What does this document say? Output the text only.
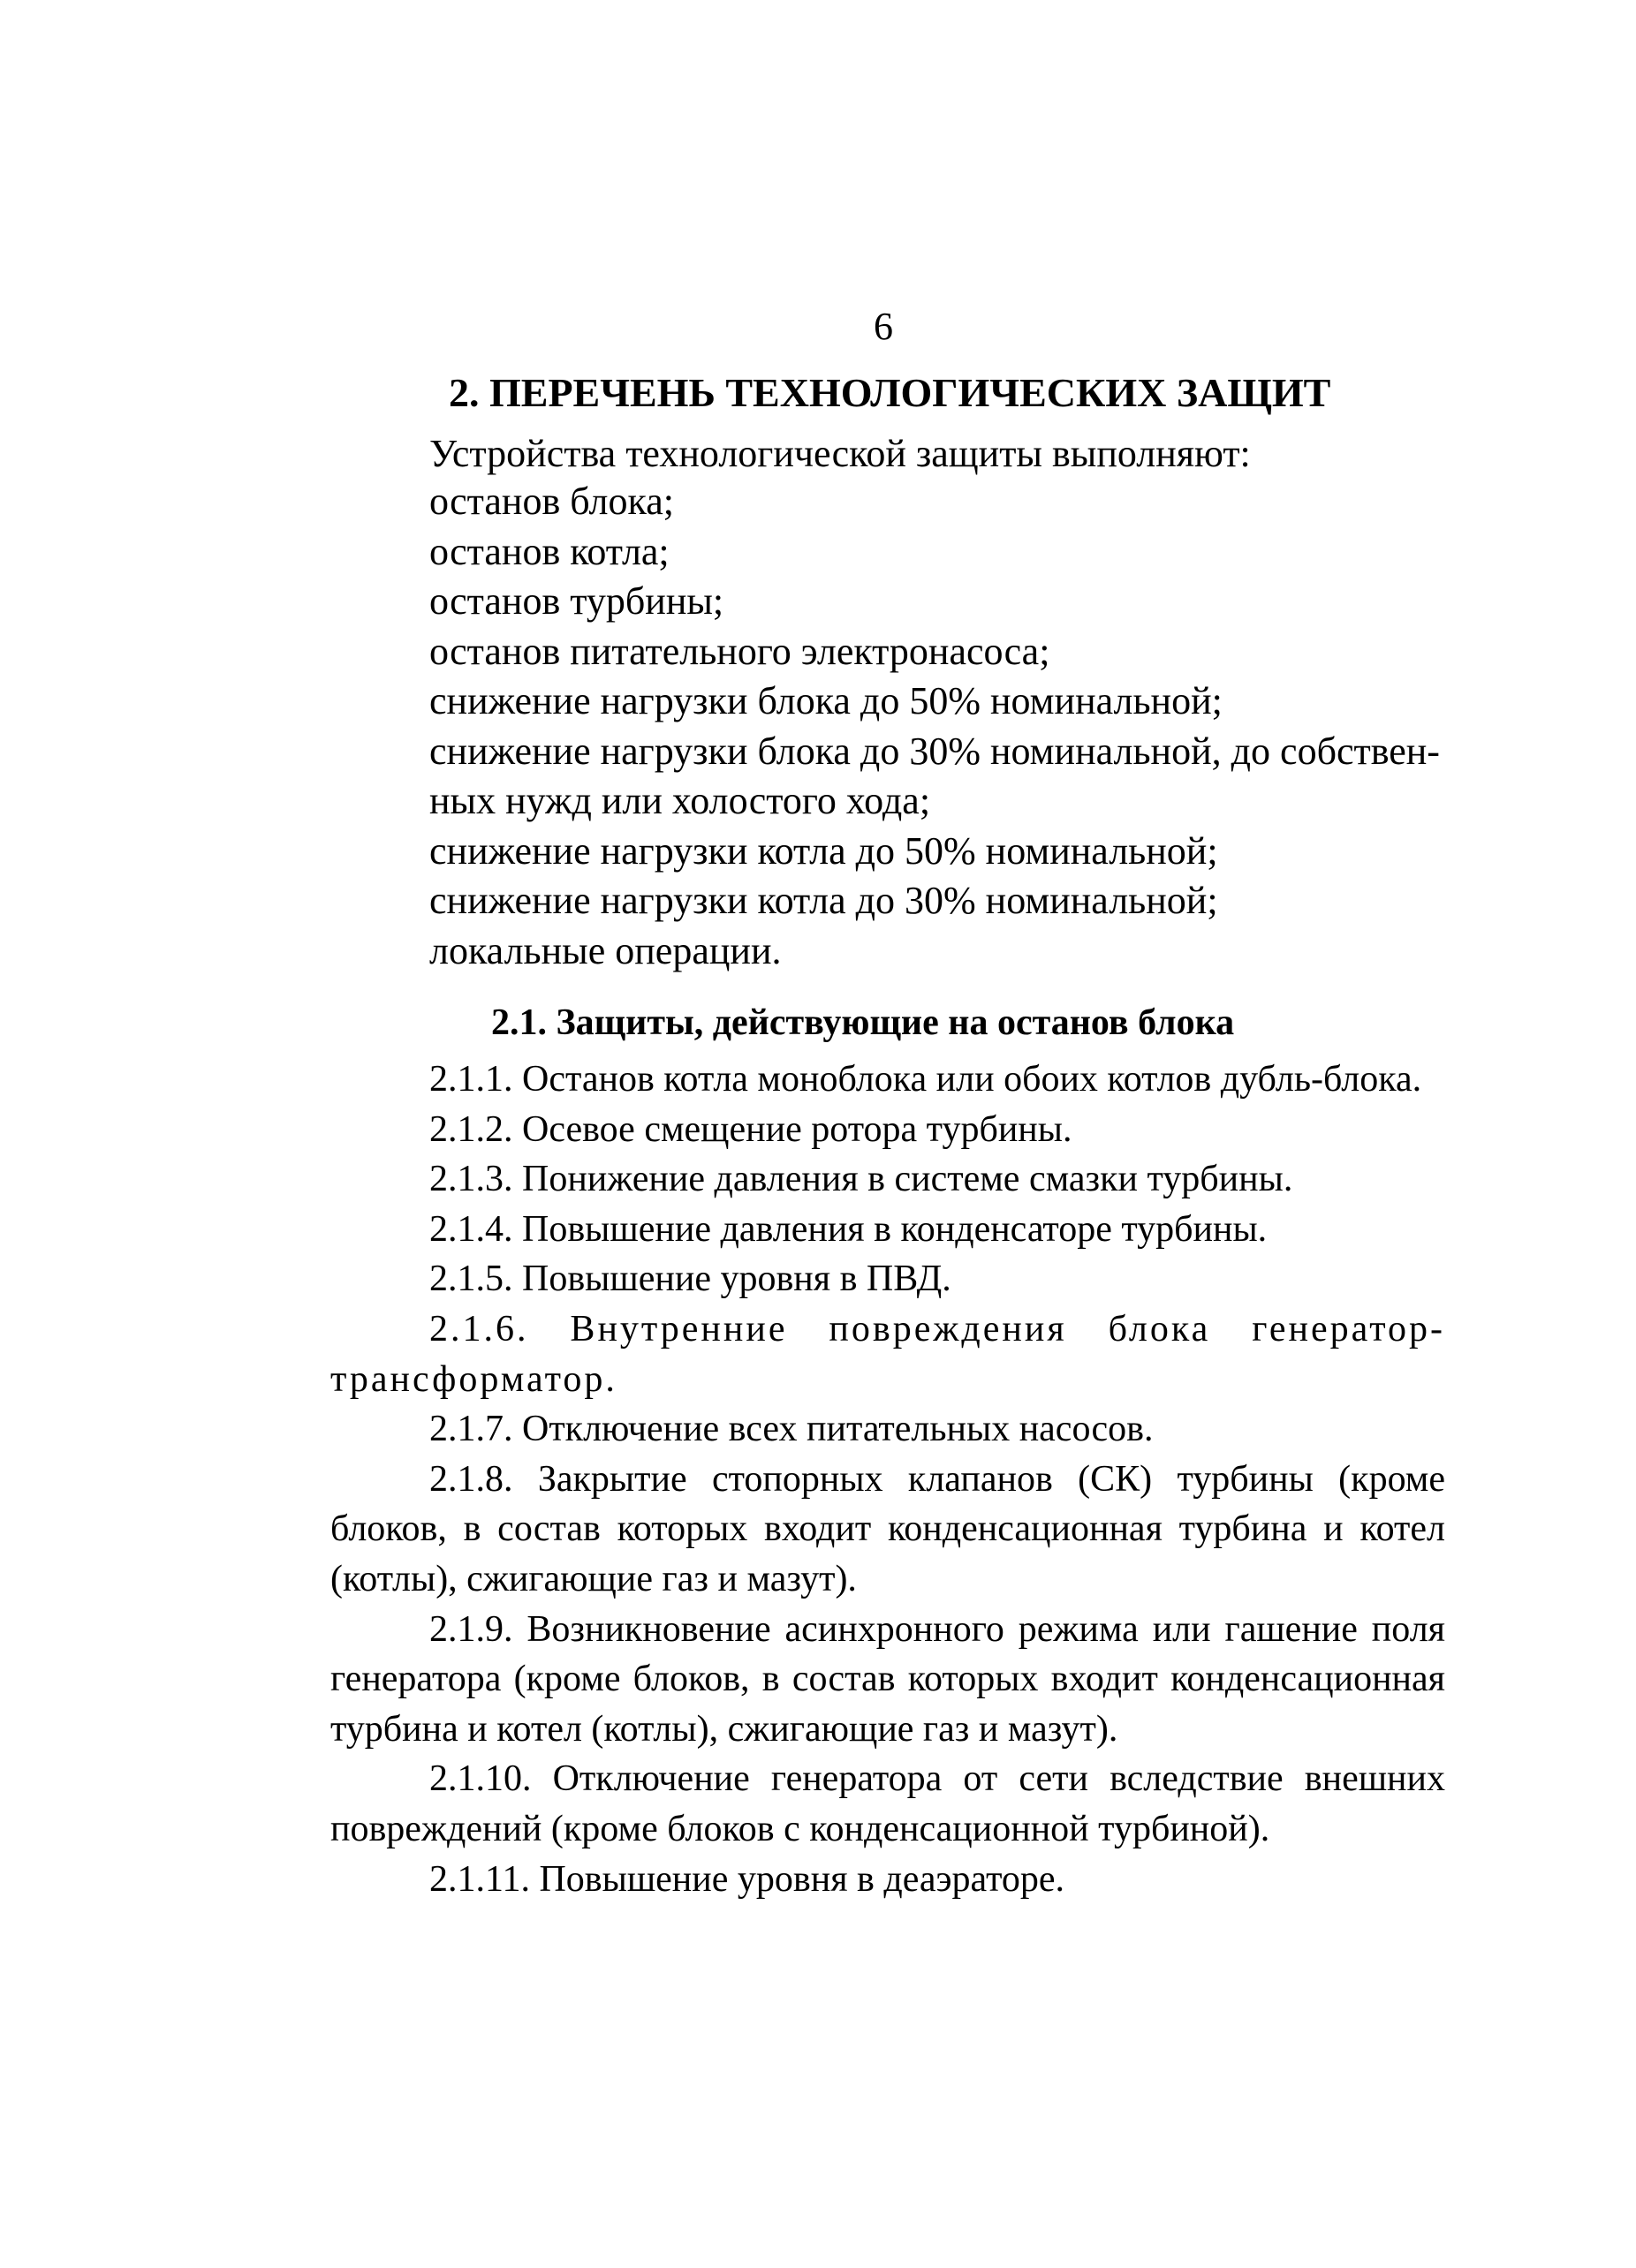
6
2. ПЕРЕЧЕНЬ ТЕХНОЛОГИЧЕСКИХ ЗАЩИТ
Устройства технологической защиты выполняют:
останов блока;
останов котла;
останов турбины;
останов питательного электронасоса;
снижение нагрузки блока до 50% номинальной;
снижение нагрузки блока до 30% номинальной, до собствен-
ных нужд или холостого хода;
снижение нагрузки котла до 50% номинальной;
снижение нагрузки котла до 30% номинальной;
локальные операции.
2.1. Защиты, действующие на останов блока

2.1.1. Останов котла моноблока или обоих котлов дубль-блока.

2.1.2. Осевое смещение ротора турбины.

2.1.3. Понижение давления в системе смазки турбины.

2.1.4. Повышение давления в конденсаторе турбины.

2.1.5. Повышение уровня в ПВД.

2.1.6. Внутренние повреждения блока генератор-трансформатор.

2.1.7. Отключение всех питательных насосов.

2.1.8. Закрытие стопорных клапанов (СК) турбины (кроме блоков, в состав которых входит конденсационная турбина и котел (котлы), сжигающие газ и мазут).

2.1.9. Возникновение асинхронного режима или гашение поля генератора (кроме блоков, в состав которых входит конденсационная турбина и котел (котлы), сжигающие газ и мазут).

2.1.10. Отключение генератора от сети вследствие внешних повреждений (кроме блоков с конденсационной турбиной).

2.1.11. Повышение уровня в деаэраторе.
